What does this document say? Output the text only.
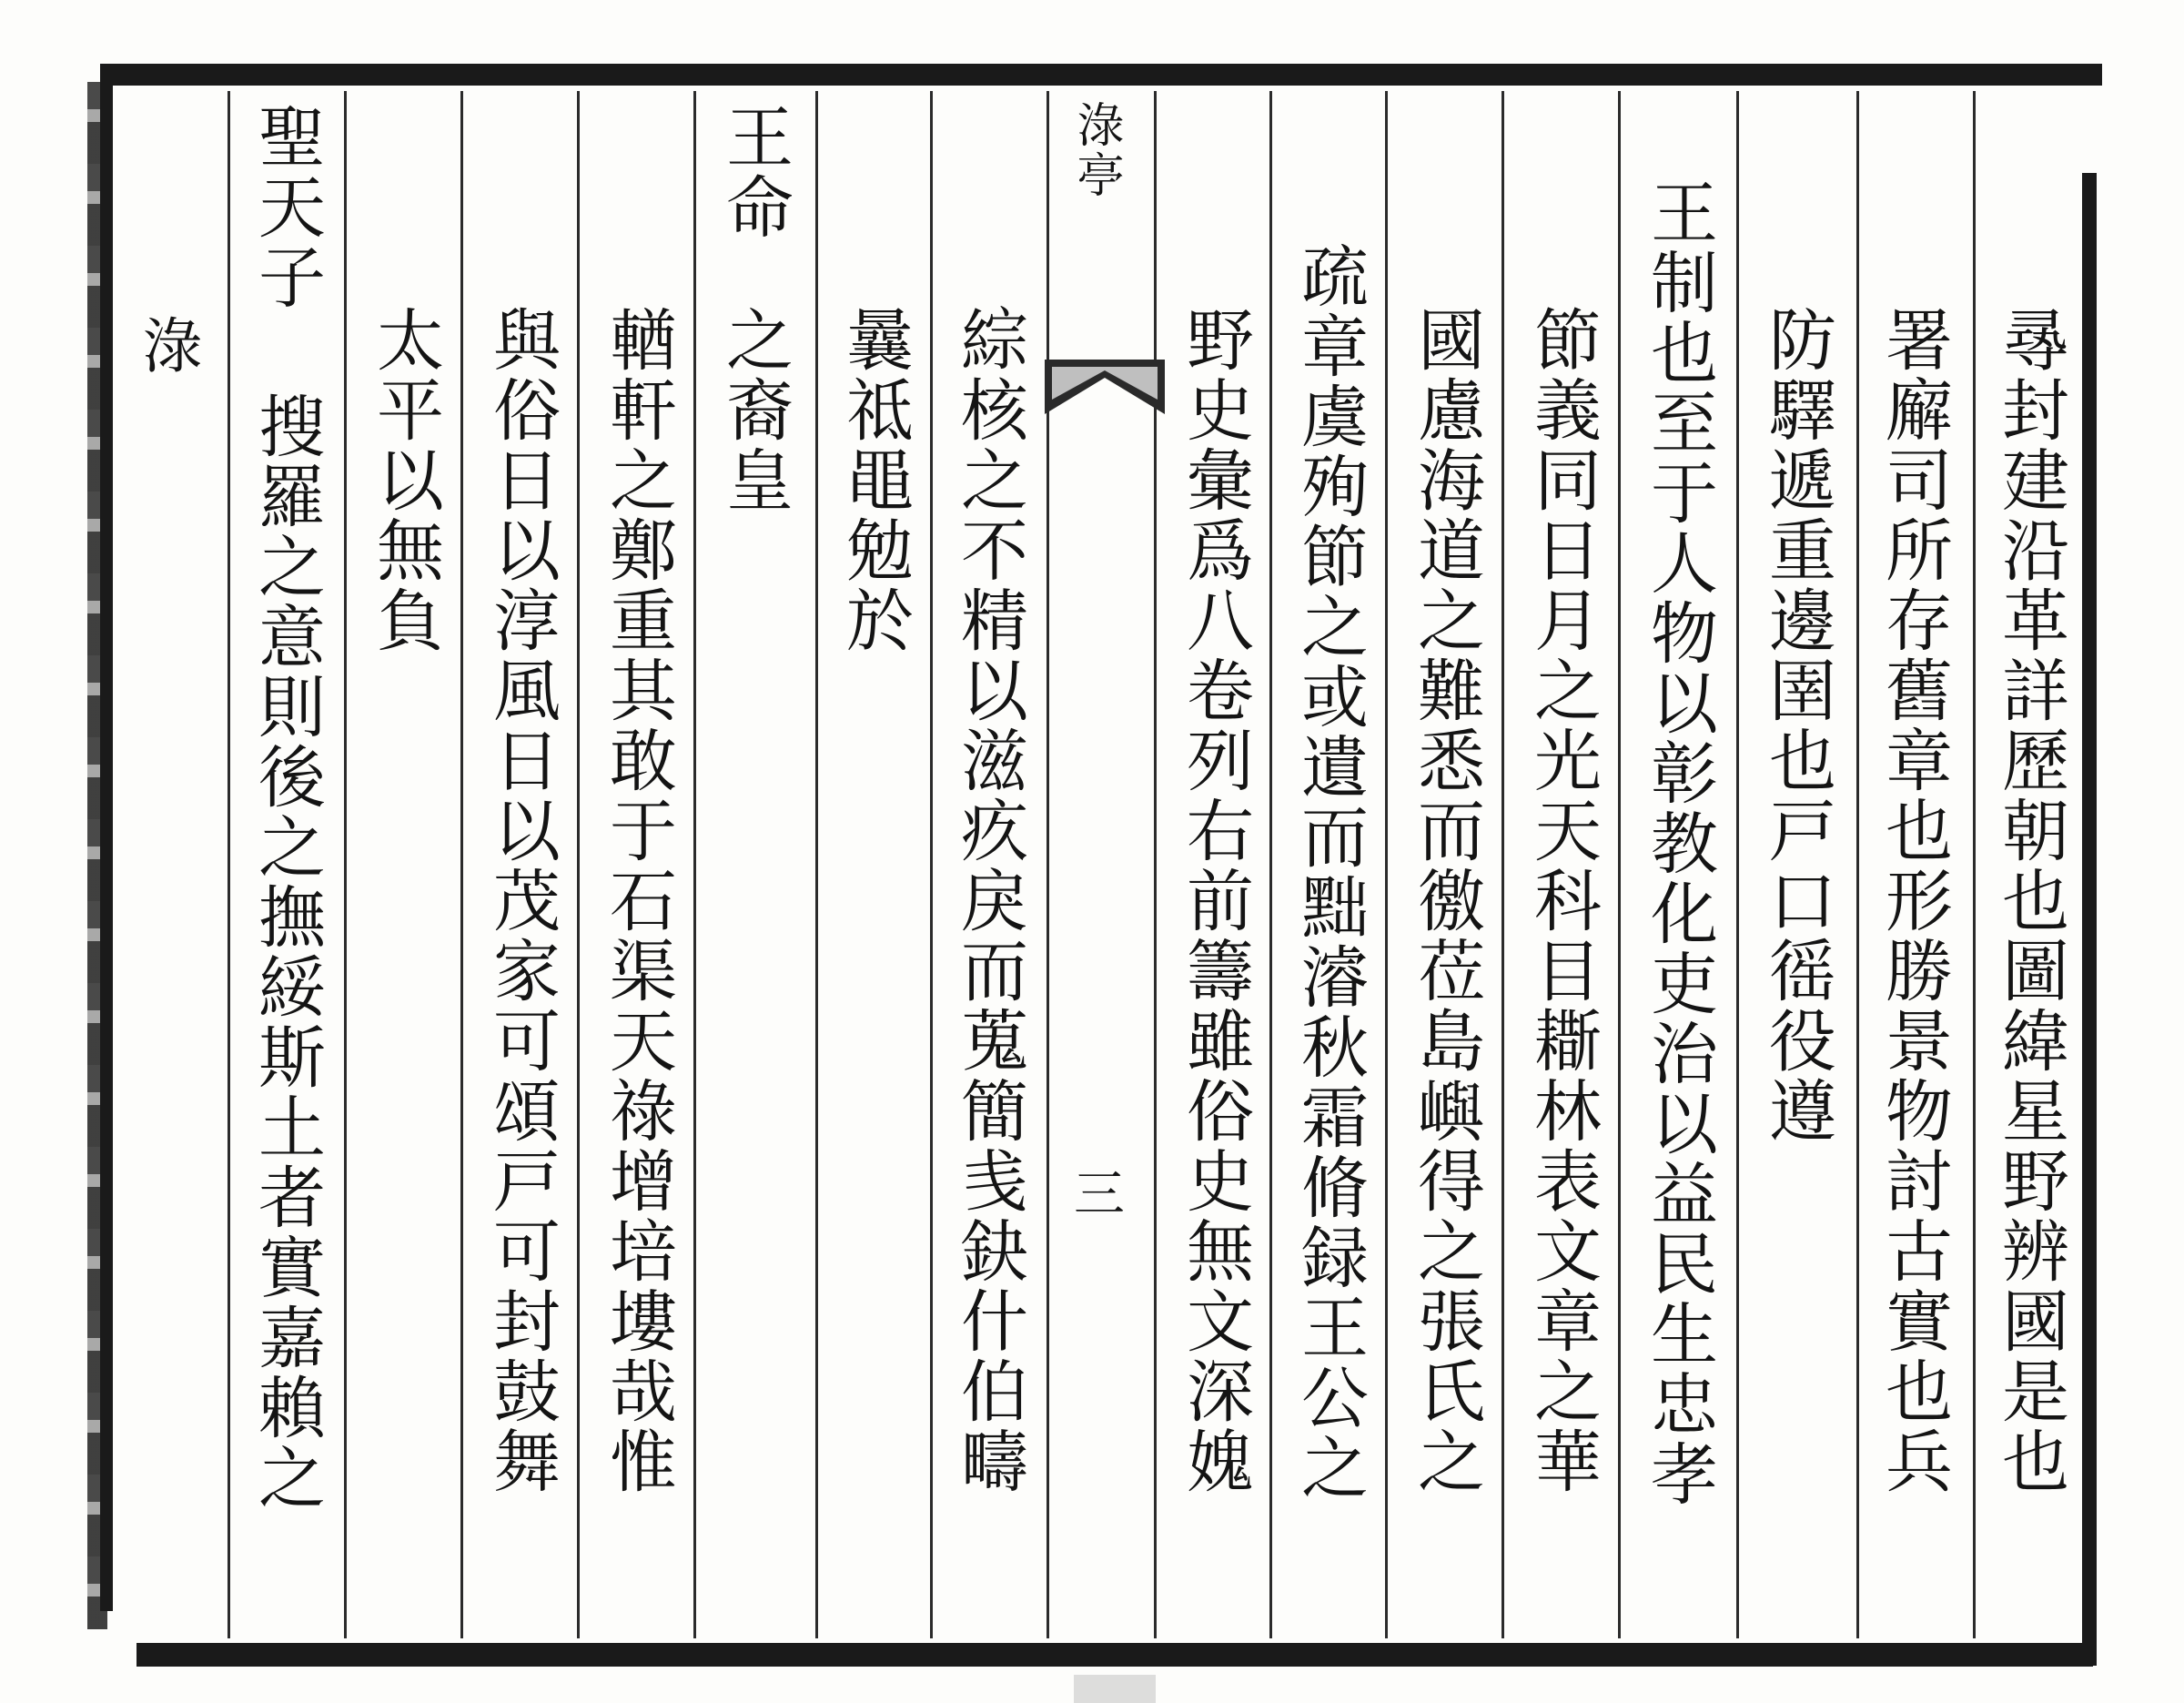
㝷封建沿革詳歷朝也圖緯星野辨國是也
署廨司所存舊章也形勝景物討古實也兵
防驛遞重邊圉也戸口徭役遵
王制也至于人物以彰教化吏治以益民生忠孝
節義同日月之光天科目䎰林表文章之華
國慮海道之難悉而徼莅島嶼得之張氏之
疏章虞殉節之或遺而黜濬秋霜脩録王公之
野史彙爲八卷列右前籌雖俗史無文深媿
淥亭
三
綜核之不精以滋疚戾而蒐簡㦮鈌什伯疇
曩祗黽勉於
王命
之裔皇
輶軒之鄭重其敢于石渠天祿增培塿哉惟
與俗日以淳風日以茂家可頌戸可封鼓舞
太平以無負
聖天子
搜羅之意則後之撫綏斯土者實嘉賴之
淥
